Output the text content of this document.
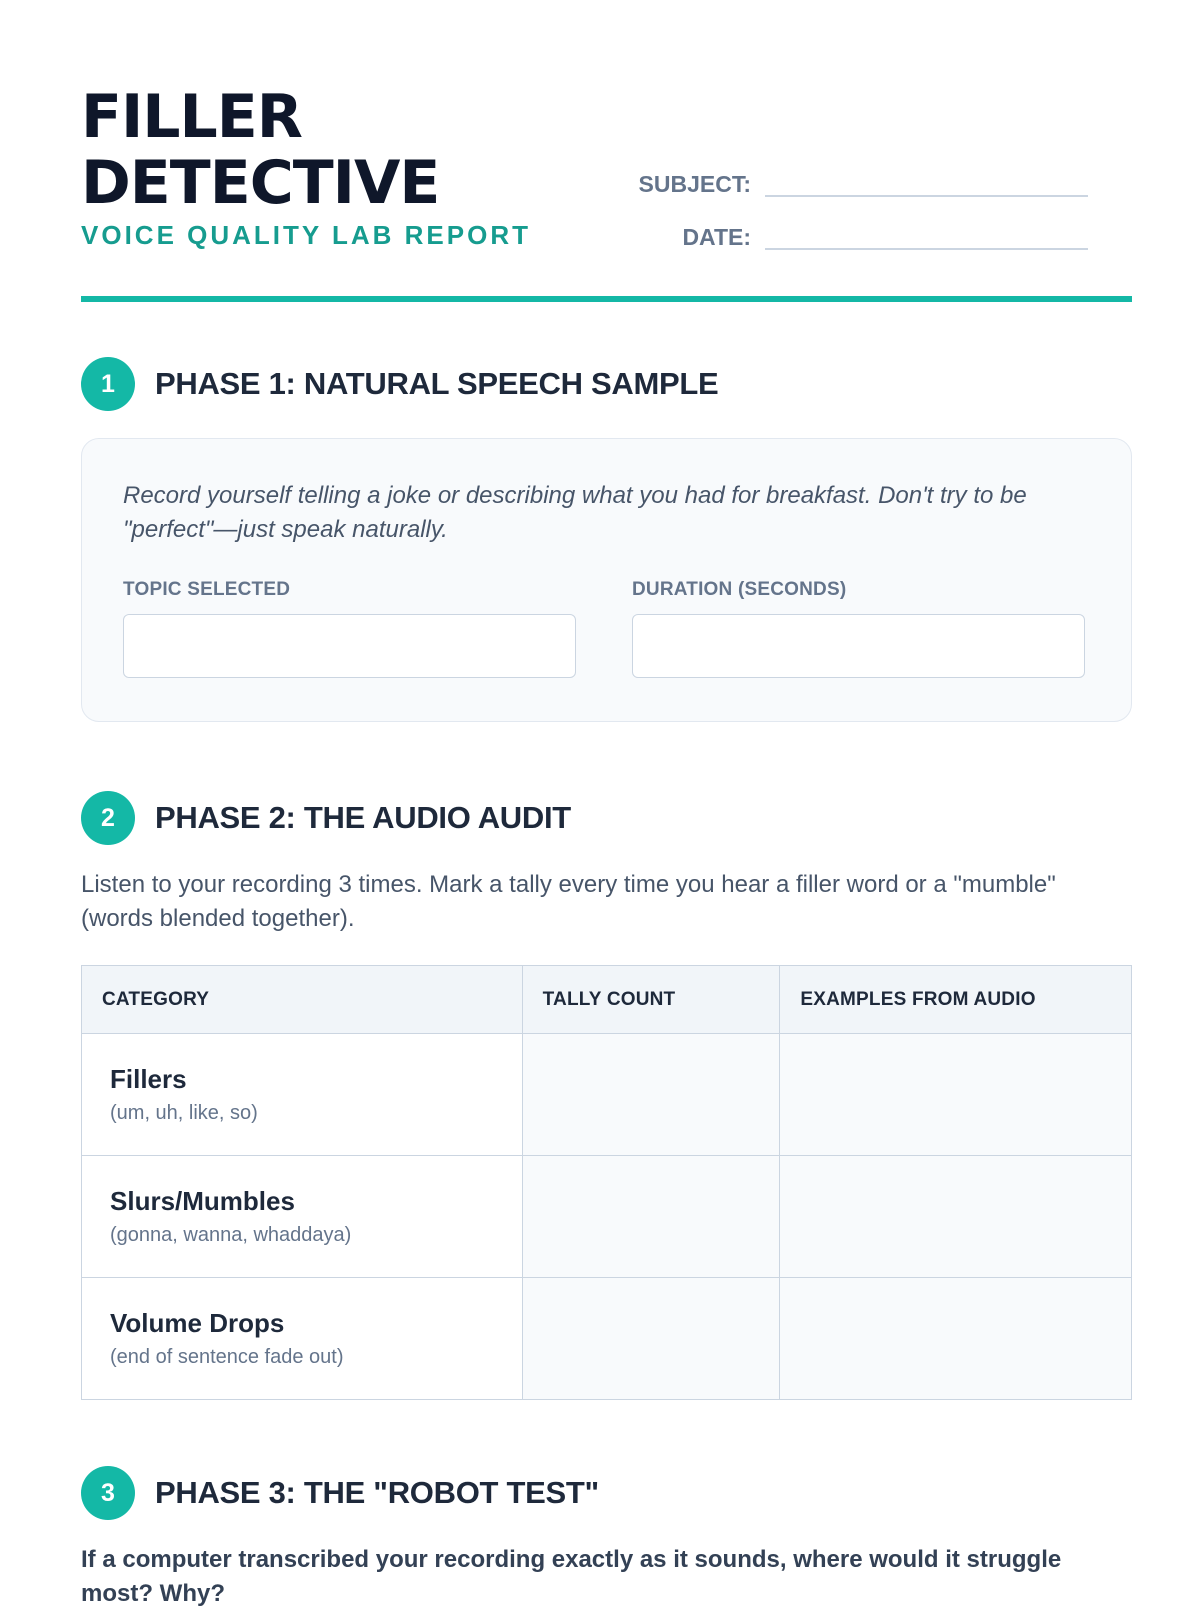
FILLER
DETECTIVE
VOICE QUALITY LAB REPORT
SUBJECT:
DATE:
1	PHASE 1: NATURAL SPEECH SAMPLE

Record yourself telling a joke or describing what you had for breakfast. Don't try to be "perfect"—just speak naturally.

TOPIC SELECTED	DURATION (SECONDS)
2	PHASE 2: THE AUDIO AUDIT

Listen to your recording 3 times. Mark a tally every time you hear a filler word or a "mumble" (words blended together).

CATEGORY	TALLY COUNT	EXAMPLES FROM AUDIO

Fillers
(um, uh, like, so)		

Slurs/Mumbles
(gonna, wanna, whaddaya)		

Volume Drops
(end of sentence fade out)		

3	PHASE 3: THE "ROBOT TEST"

If a computer transcribed your recording exactly as it sounds, where would it struggle most? Why?
